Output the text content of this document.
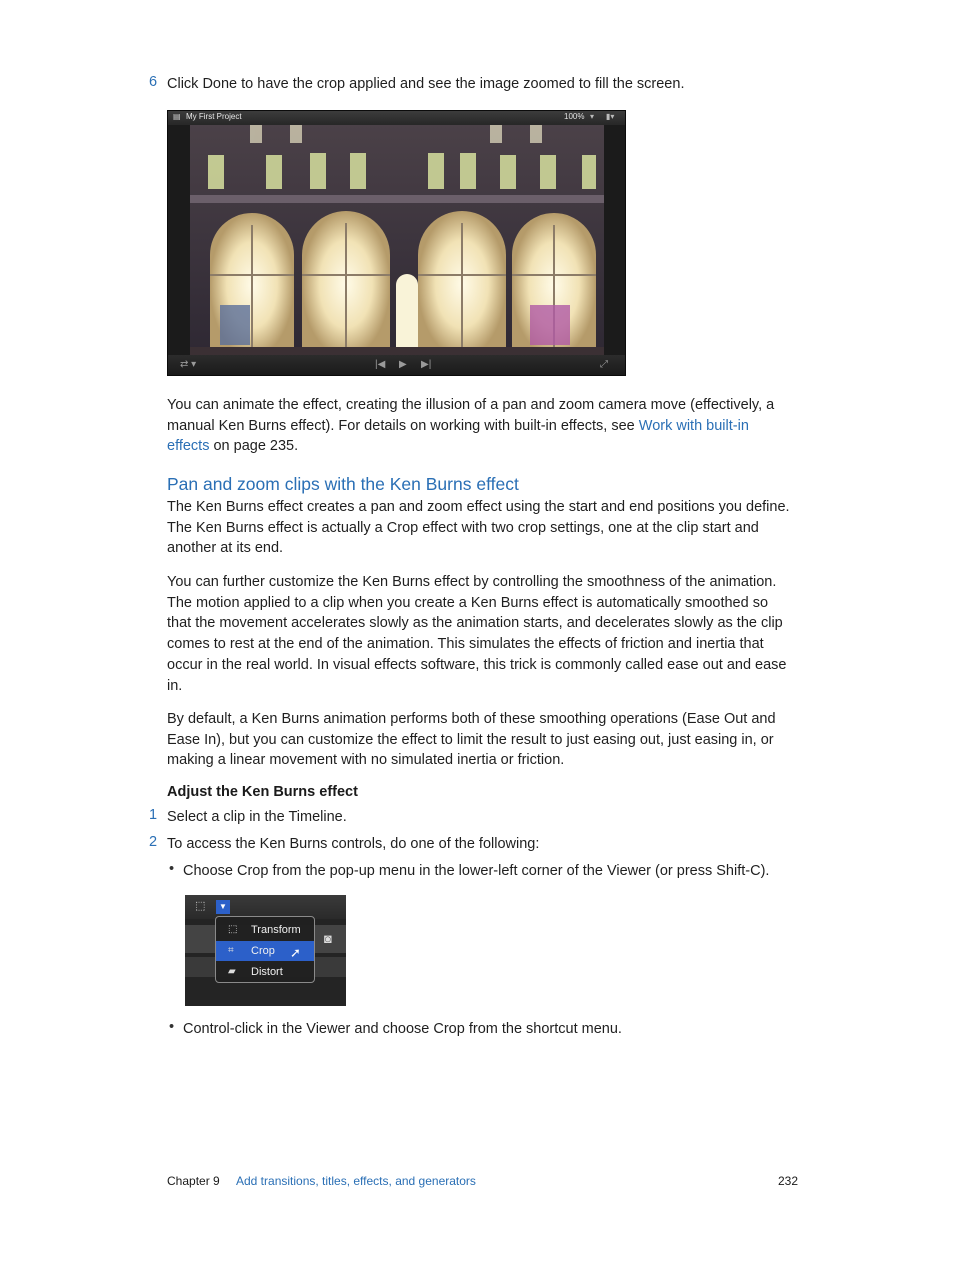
6 Click Done to have the crop applied and see the image zoomed to fill the screen.
▤ My First Project	100% ▾ ▮▾
⇄ ▾	|◀ ▶ ▶|	⤢
You can animate the effect, creating the illusion of a pan and zoom camera move (effectively, a manual Ken Burns effect). For details on working with built-in effects, see Work with built-in effects on page 235.
Pan and zoom clips with the Ken Burns effect
The Ken Burns effect creates a pan and zoom effect using the start and end positions you define. The Ken Burns effect is actually a Crop effect with two crop settings, one at the clip start and another at its end.
You can further customize the Ken Burns effect by controlling the smoothness of the animation. The motion applied to a clip when you create a Ken Burns effect is automatically smoothed so that the movement accelerates slowly as the animation starts, and decelerates slowly as the clip comes to rest at the end of the animation. This simulates the effects of friction and inertia that occur in the real world. In visual effects software, this trick is commonly called ease out and ease in.
By default, a Ken Burns animation performs both of these smoothing operations (Ease Out and Ease In), but you can customize the effect to limit the result to just easing out, just easing in, or making a linear movement with no simulated inertia or friction.
Adjust the Ken Burns effect
1 Select a clip in the Timeline.
2 To access the Ken Burns controls, do one of the following:
• Choose Crop from the pop-up menu in the lower-left corner of the Viewer (or press Shift-C).
⬚	▼
◙
⬚ Transform
⌗ Crop ➚
▰ Distort
• Control-click in the Viewer and choose Crop from the shortcut menu.
Chapter 9 Add transitions, titles, effects, and generators	232
